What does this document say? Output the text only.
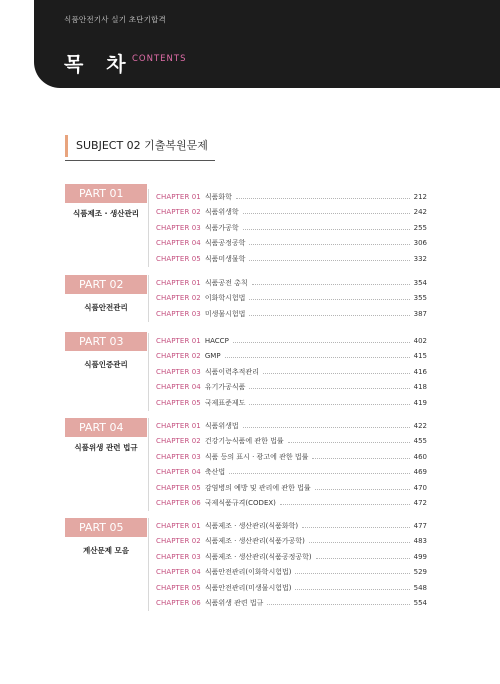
식품안전기사 실기 초단기합격
목 차
CONTENTS
SUBJECT 02 기출복원문제
PART 01
식품제조 · 생산관리
CHAPTER 01 식품화학	212
CHAPTER 02 식품위생학	242
CHAPTER 03 식품가공학	255
CHAPTER 04 식품공정공학	306
CHAPTER 05 식품미생물학	332
PART 02
식품안전관리
CHAPTER 01 식품공전 총칙	354
CHAPTER 02 이화학시험법	355
CHAPTER 03 미생물시험법	387
PART 03
식품인증관리
CHAPTER 01 HACCP	402
CHAPTER 02 GMP	415
CHAPTER 03 식품이력추적관리	416
CHAPTER 04 유기가공식품	418
CHAPTER 05 국제표준제도	419
PART 04
식품위생 관련 법규
CHAPTER 01 식품위생법	422
CHAPTER 02 건강기능식품에 관한 법률	455
CHAPTER 03 식품 등의 표시 · 광고에 관한 법률	460
CHAPTER 04 축산법	469
CHAPTER 05 감염병의 예방 및 관리에 관한 법률	470
CHAPTER 06 국제식품규격(CODEX)	472
PART 05
계산문제 모음
CHAPTER 01 식품제조 · 생산관리(식품화학)	477
CHAPTER 02 식품제조 · 생산관리(식품가공학)	483
CHAPTER 03 식품제조 · 생산관리(식품공정공학)	499
CHAPTER 04 식품안전관리(이화학시험법)	529
CHAPTER 05 식품안전관리(미생물시험법)	548
CHAPTER 06 식품위생 관련 법규	554
